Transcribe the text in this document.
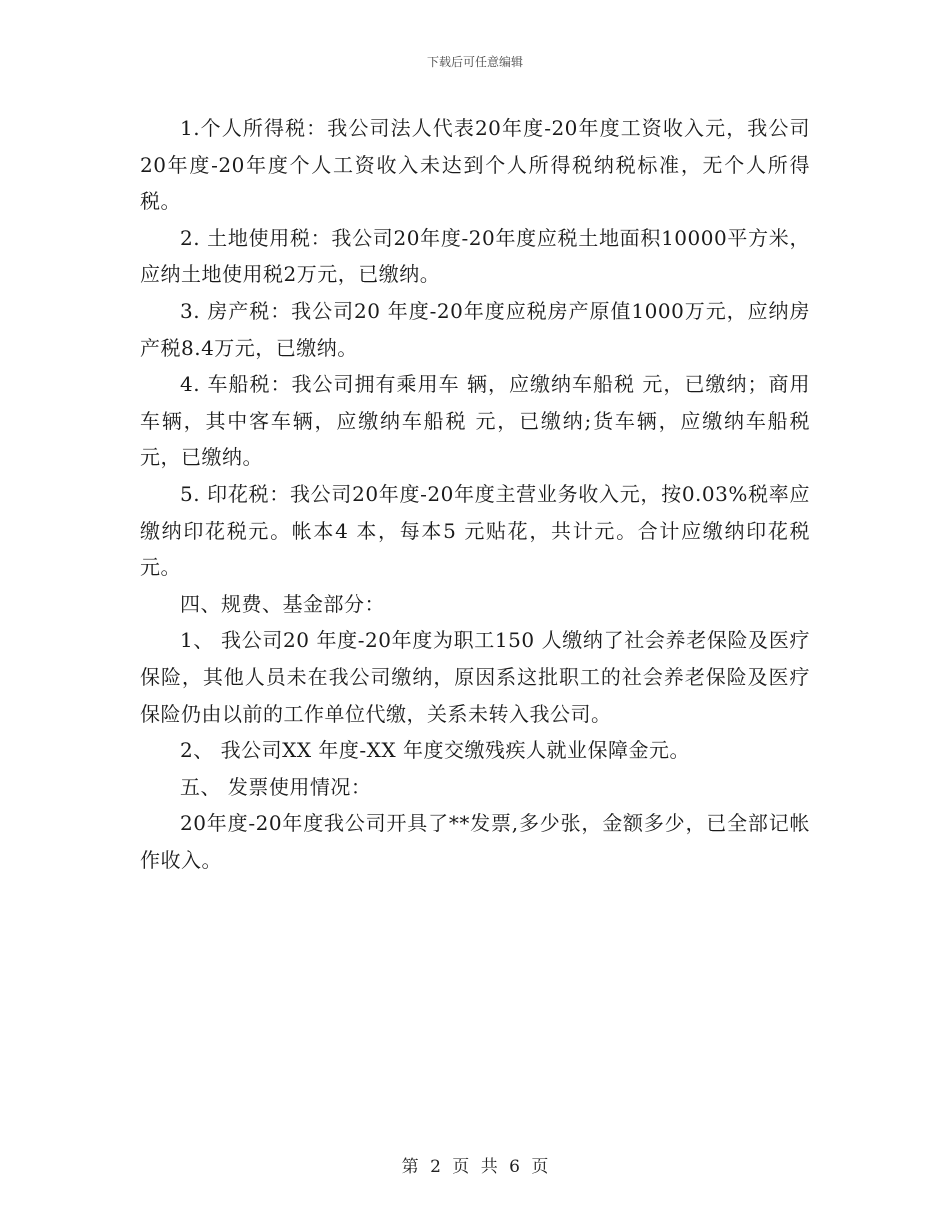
下载后可任意编辑

1.个人所得税：我公司法人代表20年度-20年度工资收入元，我公司20年度-20年度个人工资收入未达到个人所得税纳税标准，无个人所得税。

2. 土地使用税：我公司20年度-20年度应税土地面积10000平方米，应纳土地使用税2万元，已缴纳。

3. 房产税：我公司20 年度-20年度应税房产原值1000万元，应纳房产税8.4万元，已缴纳。

4. 车船税：我公司拥有乘用车 辆，应缴纳车船税 元，已缴纳；商用车辆，其中客车辆，应缴纳车船税 元，已缴纳;货车辆，应缴纳车船税 元，已缴纳。

5. 印花税：我公司20年度-20年度主营业务收入元，按0.03%税率应缴纳印花税元。帐本4 本，每本5 元贴花，共计元。合计应缴纳印花税元。

四、规费、基金部分：

1、 我公司20 年度-20年度为职工150 人缴纳了社会养老保险及医疗保险，其他人员未在我公司缴纳，原因系这批职工的社会养老保险及医疗保险仍由以前的工作单位代缴，关系未转入我公司。

2、 我公司XX 年度-XX 年度交缴残疾人就业保障金元。

五、 发票使用情况：

20年度-20年度我公司开具了**发票,多少张，金额多少，已全部记帐作收入。

第 2 页 共 6 页
